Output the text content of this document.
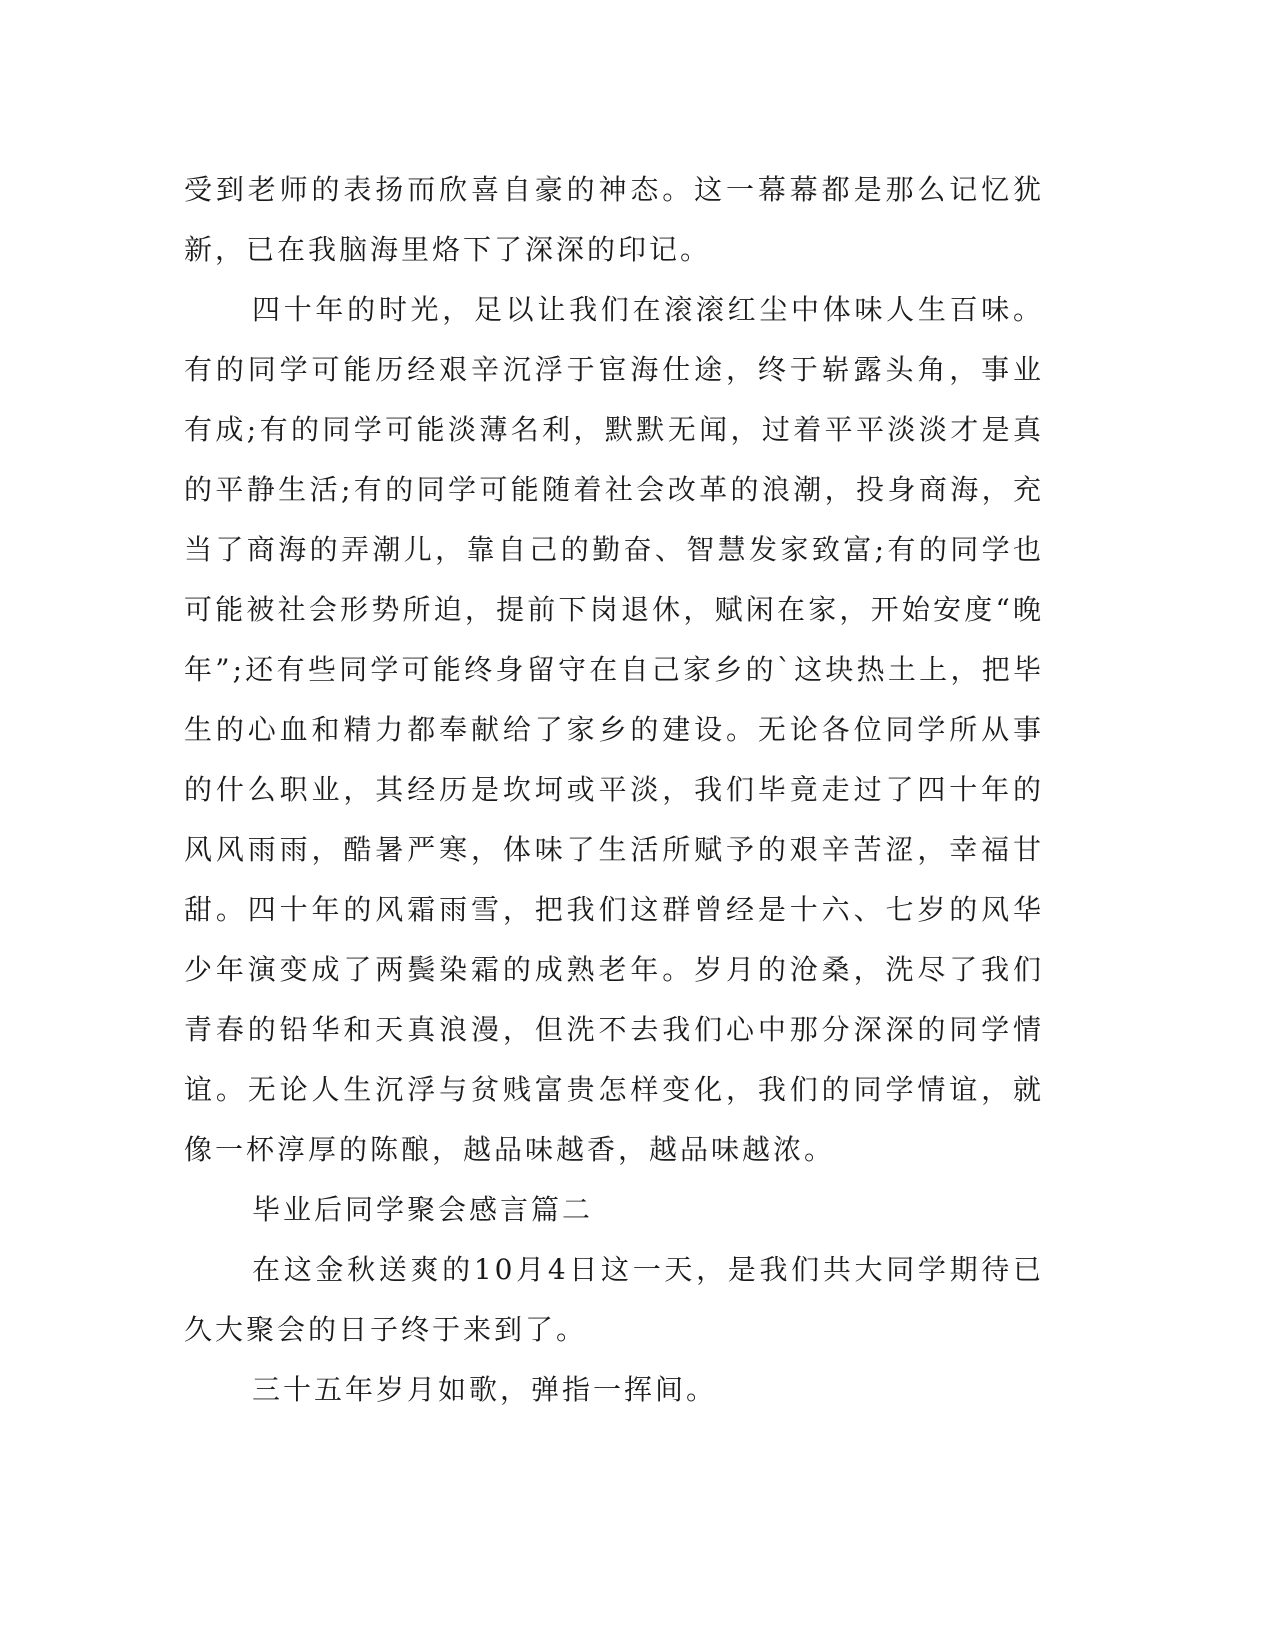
受到老师的表扬而欣喜自豪的神态。这一幕幕都是那么记忆犹新，已在我脑海里烙下了深深的印记。

四十年的时光，足以让我们在滚滚红尘中体味人生百味。有的同学可能历经艰辛沉浮于宦海仕途，终于崭露头角，事业有成;有的同学可能淡薄名利，默默无闻，过着平平淡淡才是真的平静生活;有的同学可能随着社会改革的浪潮，投身商海，充当了商海的弄潮儿，靠自己的勤奋、智慧发家致富;有的同学也可能被社会形势所迫，提前下岗退休，赋闲在家，开始安度“晚年”;还有些同学可能终身留守在自己家乡的`这块热土上，把毕生的心血和精力都奉献给了家乡的建设。无论各位同学所从事的什么职业，其经历是坎坷或平淡，我们毕竟走过了四十年的风风雨雨，酷暑严寒，体味了生活所赋予的艰辛苦涩，幸福甘甜。四十年的风霜雨雪，把我们这群曾经是十六、七岁的风华少年演变成了两鬓染霜的成熟老年。岁月的沧桑，洗尽了我们青春的铅华和天真浪漫，但洗不去我们心中那分深深的同学情谊。无论人生沉浮与贫贱富贵怎样变化，我们的同学情谊，就像一杯淳厚的陈酿，越品味越香，越品味越浓。

毕业后同学聚会感言篇二

在这金秋送爽的10月4日这一天，是我们共大同学期待已久大聚会的日子终于来到了。

三十五年岁月如歌，弹指一挥间。
